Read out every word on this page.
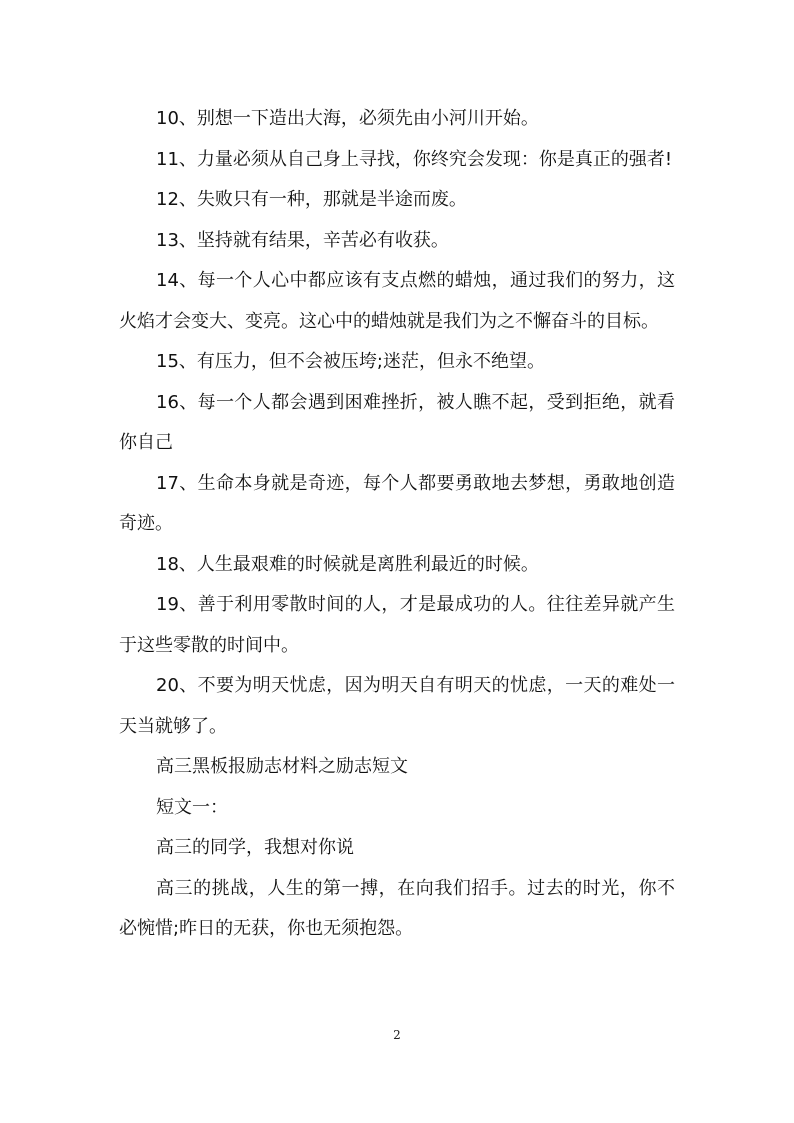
10、别想一下造出大海，必须先由小河川开始。

11、力量必须从自己身上寻找，你终究会发现：你是真正的强者!

12、失败只有一种，那就是半途而废。

13、坚持就有结果，辛苦必有收获。

14、每一个人心中都应该有支点燃的蜡烛，通过我们的努力，这火焰才会变大、变亮。这心中的蜡烛就是我们为之不懈奋斗的目标。

15、有压力，但不会被压垮;迷茫，但永不绝望。

16、每一个人都会遇到困难挫折，被人瞧不起，受到拒绝，就看你自己

17、生命本身就是奇迹，每个人都要勇敢地去梦想，勇敢地创造奇迹。

18、人生最艰难的时候就是离胜利最近的时候。

19、善于利用零散时间的人，才是最成功的人。往往差异就产生于这些零散的时间中。

20、不要为明天忧虑，因为明天自有明天的忧虑，一天的难处一天当就够了。

高三黑板报励志材料之励志短文

短文一：

高三的同学，我想对你说

高三的挑战，人生的第一搏，在向我们招手。过去的时光，你不必惋惜;昨日的无获，你也无须抱怨。

2
